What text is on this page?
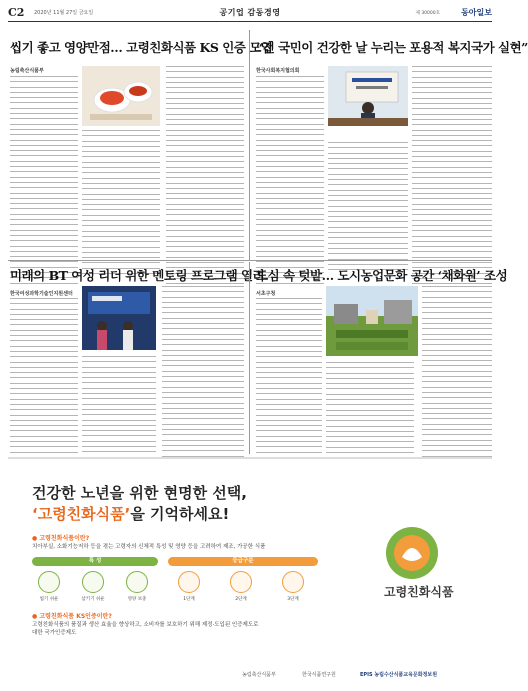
C2 2020년 11월 27일 금요일	공기업 감동경영	제 30000호	동아일보
씹기 좋고 영양만점… 고령친화식품 KS 인증 도입
농림축산식품부
“전 국민이 건강한 날 누리는 포용적 복지국가 실현”
한국사회복지협의회
미래의 BT 여성 리더 위한 멘토링 프로그램 열려
한국여성과학기술인지원센터
도심 속 텃밭… 도시농업문화 공간 ‘채화원’ 조성
서초구청
건강한 노년을 위한 현명한 선택,
‘고령친화식품’을 기억하세요!
● 고령친화식품이란?
치아부실, 소화기능저하 등을 겪는 고령자의 신체적 특성 및 영양 등을 고려하여 제조, 가공한 식품
특 성	등급구분
씹기 쉬운	삼키기 쉬운	영양 보충	1단계	2단계	3단계
● 고령친화식품 KS인증이란?
고령친화식품의 품질과 생산 효율을 향상하고, 소비자를 보호하기 위해 제정·도입된 인증제도로
대한 국가인증제도
고령친화식품
농림축산식품부	한국식품연구원	EPIS 농림수산식품교육문화정보원
